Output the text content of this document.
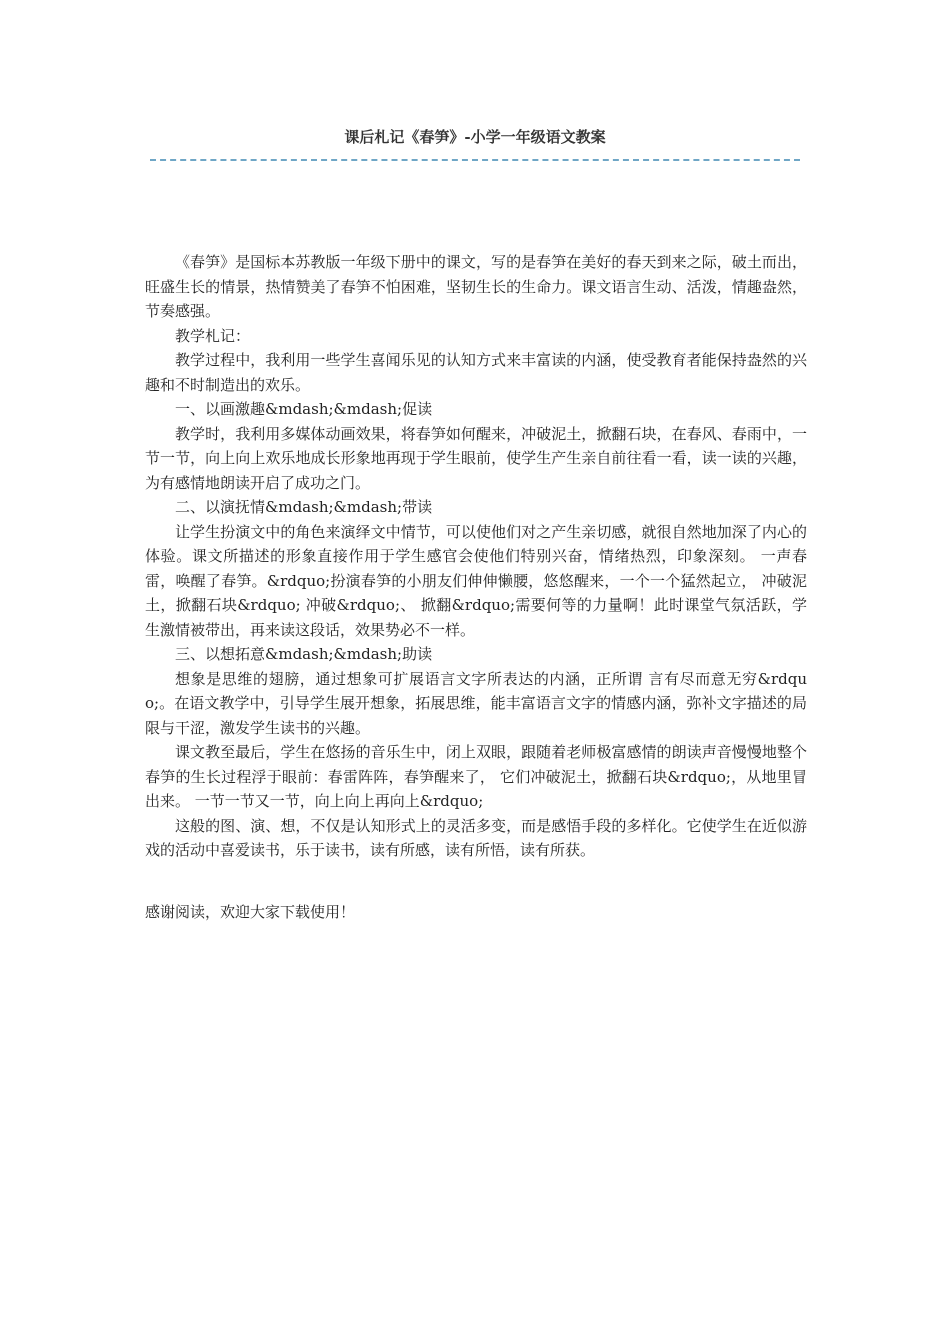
课后札记《春笋》-小学一年级语文教案

《春笋》是国标本苏教版一年级下册中的课文，写的是春笋在美好的春天到来之际，破土而出，旺盛生长的情景，热情赞美了春笋不怕困难，坚韧生长的生命力。课文语言生动、活泼，情趣盎然，节奏感强。

教学札记：

教学过程中，我利用一些学生喜闻乐见的认知方式来丰富读的内涵，使受教育者能保持盎然的兴趣和不时制造出的欢乐。

一、以画激趣&mdash;&mdash;促读

教学时，我利用多媒体动画效果，将春笋如何醒来，冲破泥土，掀翻石块，在春风、春雨中，一节一节，向上向上欢乐地成长形象地再现于学生眼前，使学生产生亲自前往看一看，读一读的兴趣，为有感情地朗读开启了成功之门。

二、以演抚情&mdash;&mdash;带读

让学生扮演文中的角色来演绎文中情节，可以使他们对之产生亲切感，就很自然地加深了内心的体验。课文所描述的形象直接作用于学生感官会使他们特别兴奋，情绪热烈，印象深刻。 一声春雷，唤醒了春笋。&rdquo;扮演春笋的小朋友们伸伸懒腰，悠悠醒来，一个一个猛然起立， 冲破泥土，掀翻石块&rdquo; 冲破&rdquo;、 掀翻&rdquo;需要何等的力量啊！此时课堂气氛活跃，学生激情被带出，再来读这段话，效果势必不一样。

三、以想拓意&mdash;&mdash;助读

想象是思维的翅膀，通过想象可扩展语言文字所表达的内涵，正所谓 言有尽而意无穷&rdquo;。在语文教学中，引导学生展开想象，拓展思维，能丰富语言文字的情感内涵，弥补文字描述的局限与干涩，激发学生读书的兴趣。

课文教至最后，学生在悠扬的音乐生中，闭上双眼，跟随着老师极富感情的朗读声音慢慢地整个春笋的生长过程浮于眼前：春雷阵阵，春笋醒来了， 它们冲破泥土，掀翻石块&rdquo;，从地里冒出来。 一节一节又一节，向上向上再向上&rdquo;

这般的图、演、想，不仅是认知形式上的灵活多变，而是感悟手段的多样化。它使学生在近似游戏的活动中喜爱读书，乐于读书，读有所感，读有所悟，读有所获。

感谢阅读，欢迎大家下载使用！
